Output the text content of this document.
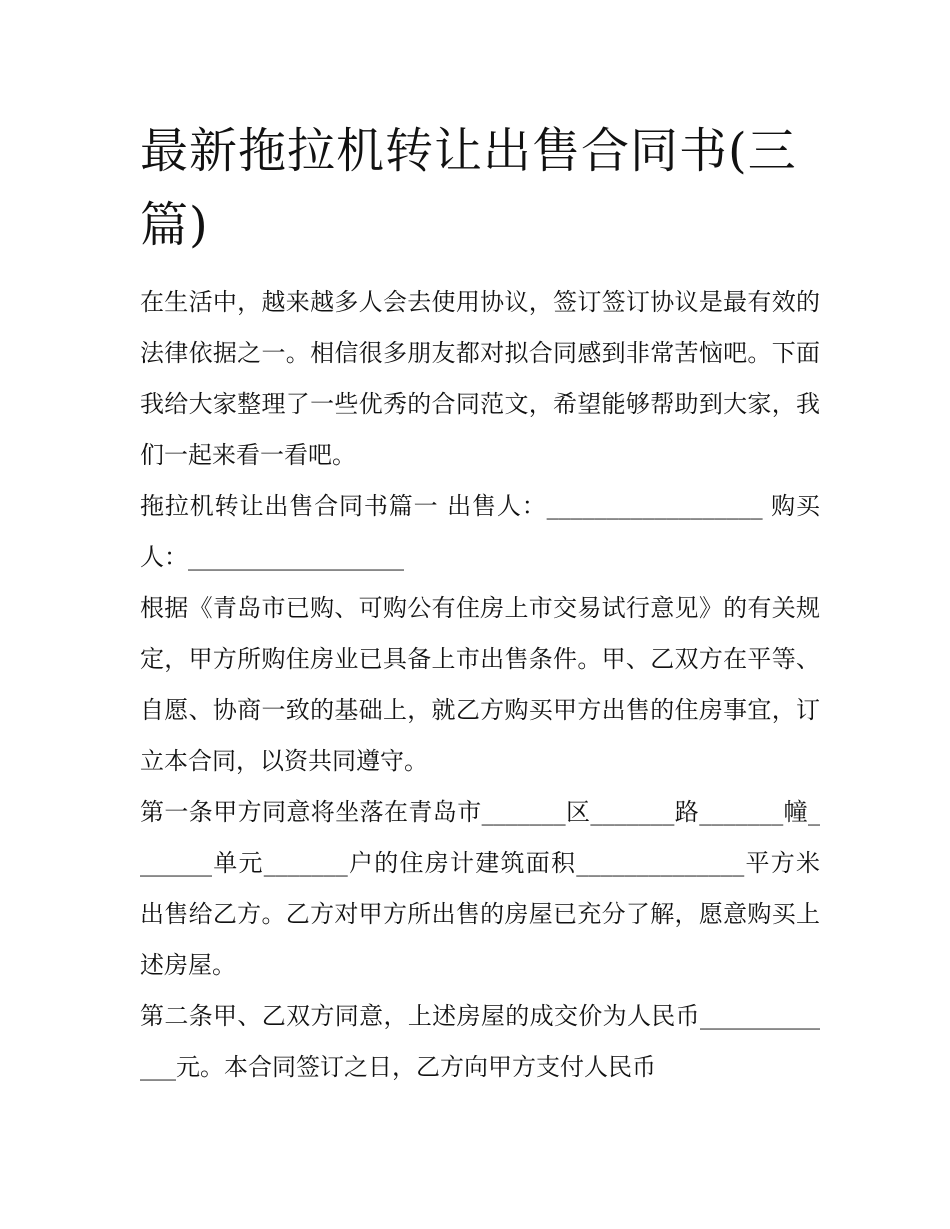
最新拖拉机转让出售合同书(三篇)

在生活中，越来越多人会去使用协议，签订签订协议是最有效的法律依据之一。相信很多朋友都对拟合同感到非常苦恼吧。下面我给大家整理了一些优秀的合同范文，希望能够帮助到大家，我们一起来看一看吧。

拖拉机转让出售合同书篇一 出售人：__________________ 购买人：__________________

根据《青岛市已购、可购公有住房上市交易试行意见》的有关规定，甲方所购住房业已具备上市出售条件。甲、乙双方在平等、自愿、协商一致的基础上，就乙方购买甲方出售的住房事宜，订立本合同，以资共同遵守。

第一条甲方同意将坐落在青岛市_______区_______路_______幢_______单元_______户的住房计建筑面积______________平方米出售给乙方。乙方对甲方所出售的房屋已充分了解，愿意购买上述房屋。

第二条甲、乙双方同意，上述房屋的成交价为人民币_____________元。本合同签订之日，乙方向甲方支付人民币
